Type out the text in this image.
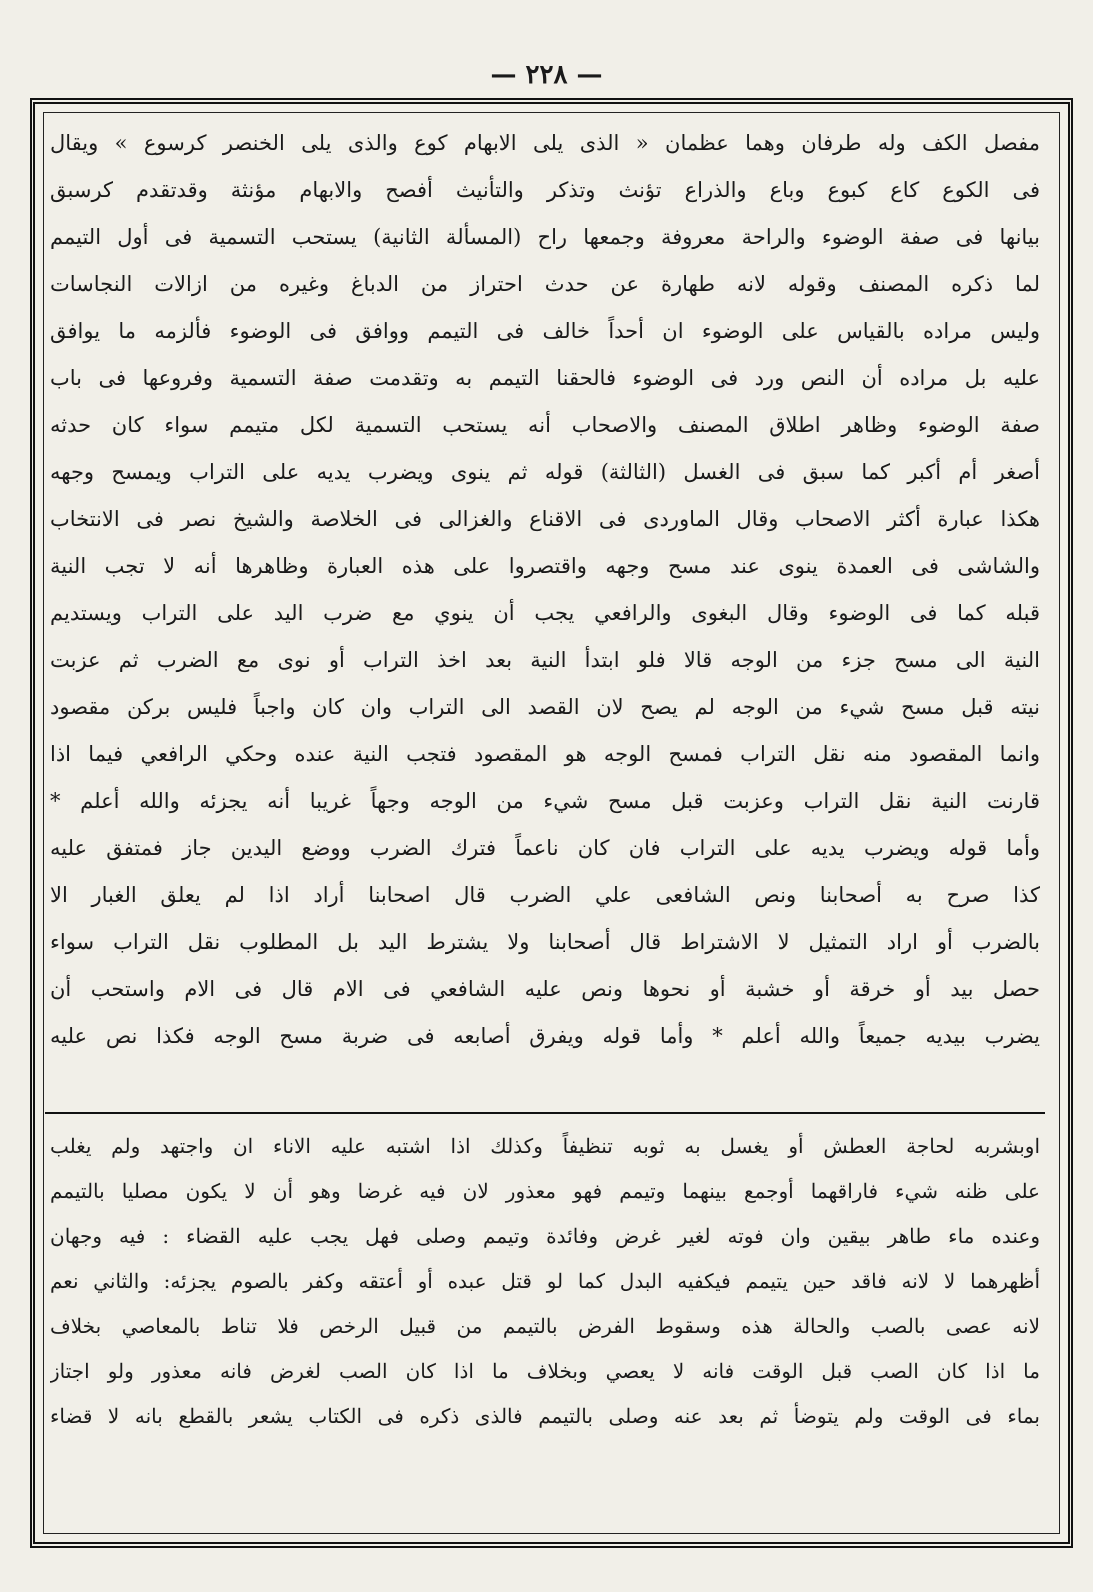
— ٢٢٨ —
مفصل الكف وله طرفان وهما عظمان « الذى يلى الابهام كوع والذى يلى الخنصر كرسوع » ويقال
فى الكوع كاع كبوع وباع والذراع تؤنث وتذكر والتأنيث أفصح والابهام مؤنثة وقدتقدم كرسبق
بيانها فى صفة الوضوء والراحة معروفة وجمعها راح (المسألة الثانية) يستحب التسمية فى أول التيمم
لما ذكره المصنف وقوله لانه طهارة عن حدث احتراز من الدباغ وغيره من ازالات النجاسات
وليس مراده بالقياس على الوضوء ان أحداً خالف فى التيمم ووافق فى الوضوء فألزمه ما يوافق
عليه بل مراده أن النص ورد فى الوضوء فالحقنا التيمم به وتقدمت صفة التسمية وفروعها فى باب
صفة الوضوء وظاهر اطلاق المصنف والاصحاب أنه يستحب التسمية لكل متيمم سواء كان حدثه
أصغر أم أكبر كما سبق فى الغسل (الثالثة) قوله ثم ينوى ويضرب يديه على التراب ويمسح وجهه
هكذا عبارة أكثر الاصحاب وقال الماوردى فى الاقناع والغزالى فى الخلاصة والشيخ نصر فى الانتخاب
والشاشى فى العمدة ينوى عند مسح وجهه واقتصروا على هذه العبارة وظاهرها أنه لا تجب النية
قبله كما فى الوضوء وقال البغوى والرافعي يجب أن ينوي مع ضرب اليد على التراب ويستديم
النية الى مسح جزء من الوجه قالا فلو ابتدأ النية بعد اخذ التراب أو نوى مع الضرب ثم عزبت
نيته قبل مسح شيء من الوجه لم يصح لان القصد الى التراب وان كان واجباً فليس بركن مقصود
وانما المقصود منه نقل التراب فمسح الوجه هو المقصود فتجب النية عنده وحكي الرافعي فيما اذا
قارنت النية نقل التراب وعزبت قبل مسح شيء من الوجه وجهاً غريبا أنه يجزئه والله أعلم *
وأما قوله ويضرب يديه على التراب فان كان ناعماً فترك الضرب ووضع اليدين جاز فمتفق عليه
كذا صرح به أصحابنا ونص الشافعى علي الضرب قال اصحابنا أراد اذا لم يعلق الغبار الا
بالضرب أو اراد التمثيل لا الاشتراط قال أصحابنا ولا يشترط اليد بل المطلوب نقل التراب سواء
حصل بيد أو خرقة أو خشبة أو نحوها ونص عليه الشافعي فى الام قال فى الام واستحب أن
يضرب بيديه جميعاً والله أعلم * وأما قوله ويفرق أصابعه فى ضربة مسح الوجه فكذا نص عليه
اوبشربه لحاجة العطش أو يغسل به ثوبه تنظيفاً وكذلك اذا اشتبه عليه الاناء ان واجتهد ولم يغلب
على ظنه شيء فاراقهما أوجمع بينهما وتيمم فهو معذور لان فيه غرضا وهو أن لا يكون مصليا بالتيمم
وعنده ماء طاهر بيقين وان فوته لغير غرض وفائدة وتيمم وصلى فهل يجب عليه القضاء : فيه وجهان
أظهرهما لا لانه فاقد حين يتيمم فيكفيه البدل كما لو قتل عبده أو أعتقه وكفر بالصوم يجزئه: والثاني نعم
لانه عصى بالصب والحالة هذه وسقوط الفرض بالتيمم من قبيل الرخص فلا تناط بالمعاصي بخلاف
ما اذا كان الصب قبل الوقت فانه لا يعصي وبخلاف ما اذا كان الصب لغرض فانه معذور ولو اجتاز
بماء فى الوقت ولم يتوضأ ثم بعد عنه وصلى بالتيمم فالذى ذكره فى الكتاب يشعر بالقطع بانه لا قضاء
